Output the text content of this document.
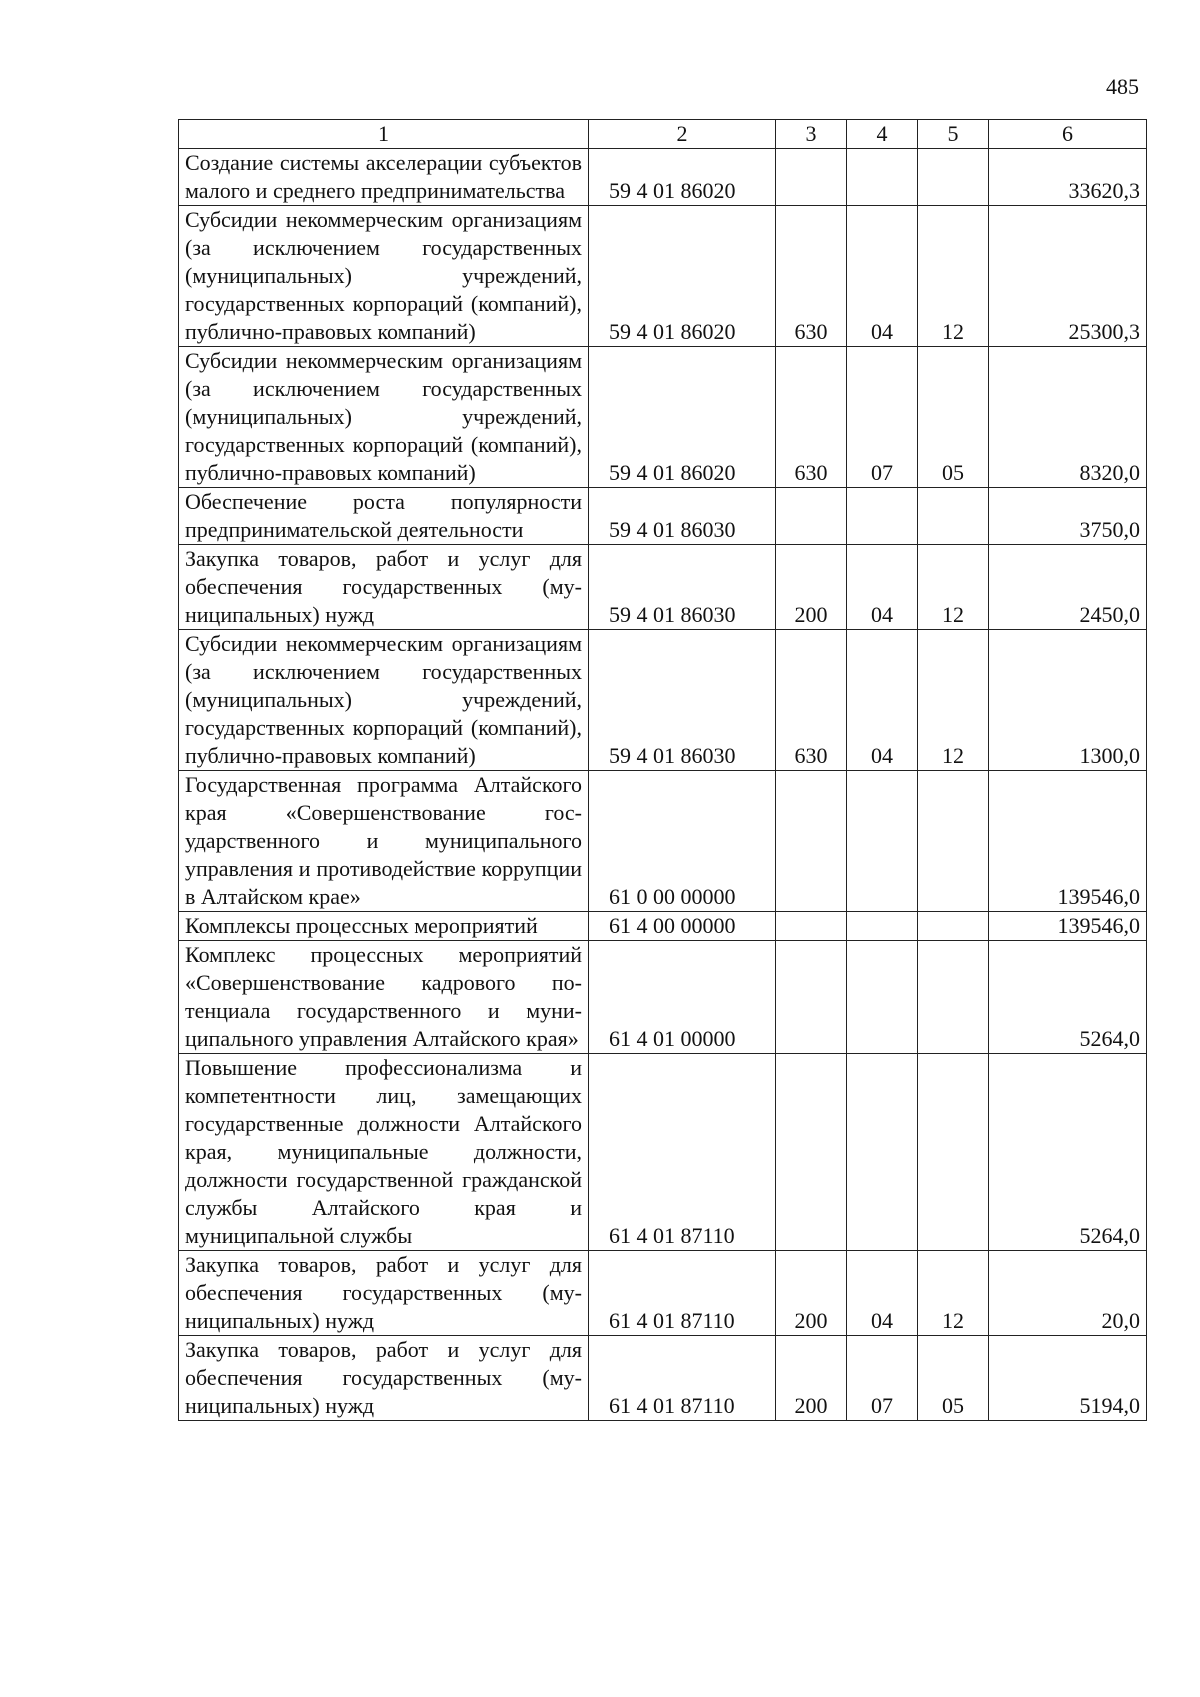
485
1	2	3	4	5	6
Создание системы акселерации субъектов малого и среднего предпринимательства	59 4 01 86020				33620,3
Субсидии некоммерческим организациям (за исключением государственных (муниципальных) учреждений, государственных корпораций (компаний), публично-правовых компаний)	59 4 01 86020	630	04	12	25300,3
Субсидии некоммерческим организациям (за исключением государственных (муниципальных) учреждений, государственных корпораций (компаний), публично-правовых компаний)	59 4 01 86020	630	07	05	8320,0
Обеспечение роста популярности предпринимательской деятельности	59 4 01 86030				3750,0
Закупка товаров, работ и услуг для обеспечения государственных (муниципальных) нужд	59 4 01 86030	200	04	12	2450,0
Субсидии некоммерческим организациям (за исключением государственных (муниципальных) учреждений, государственных корпораций (компаний), публично-правовых компаний)	59 4 01 86030	630	04	12	1300,0
Государственная программа Алтайского края «Совершенствование государственного и муниципального управления и противодействие коррупции в Алтайском крае»	61 0 00 00000				139546,0
Комплексы процессных мероприятий	61 4 00 00000				139546,0
Комплекс процессных мероприятий «Совершенствование кадрового потенциала государственного и муниципального управления Алтайского края»	61 4 01 00000				5264,0
Повышение профессионализма и компетентности лиц, замещающих государственные должности Алтайского края, муниципальные должности, должности государственной гражданской службы Алтайского края и муниципальной службы	61 4 01 87110				5264,0
Закупка товаров, работ и услуг для обеспечения государственных (муниципальных) нужд	61 4 01 87110	200	04	12	20,0
Закупка товаров, работ и услуг для обеспечения государственных (муниципальных) нужд	61 4 01 87110	200	07	05	5194,0
